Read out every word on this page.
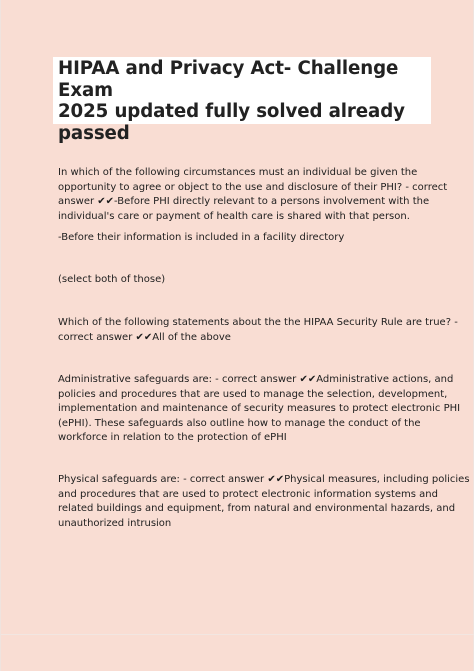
HIPAA and Privacy Act- Challenge Exam
2025 updated fully solved already
passed

In which of the following circumstances must an individual be given the
opportunity to agree or object to the use and disclosure of their PHI? - correct
answer ✔✔-Before PHI directly relevant to a persons involvement with the
individual's care or payment of health care is shared with that person.

-Before their information is included in a facility directory

(select both of those)

Which of the following statements about the the HIPAA Security Rule are true? -
correct answer ✔✔All of the above

Administrative safeguards are: - correct answer ✔✔Administrative actions, and
policies and procedures that are used to manage the selection, development,
implementation and maintenance of security measures to protect electronic PHI
(ePHI). These safeguards also outline how to manage the conduct of the
workforce in relation to the protection of ePHI

Physical safeguards are: - correct answer ✔✔Physical measures, including policies
and procedures that are used to protect electronic information systems and
related buildings and equipment, from natural and environmental hazards, and
unauthorized intrusion
